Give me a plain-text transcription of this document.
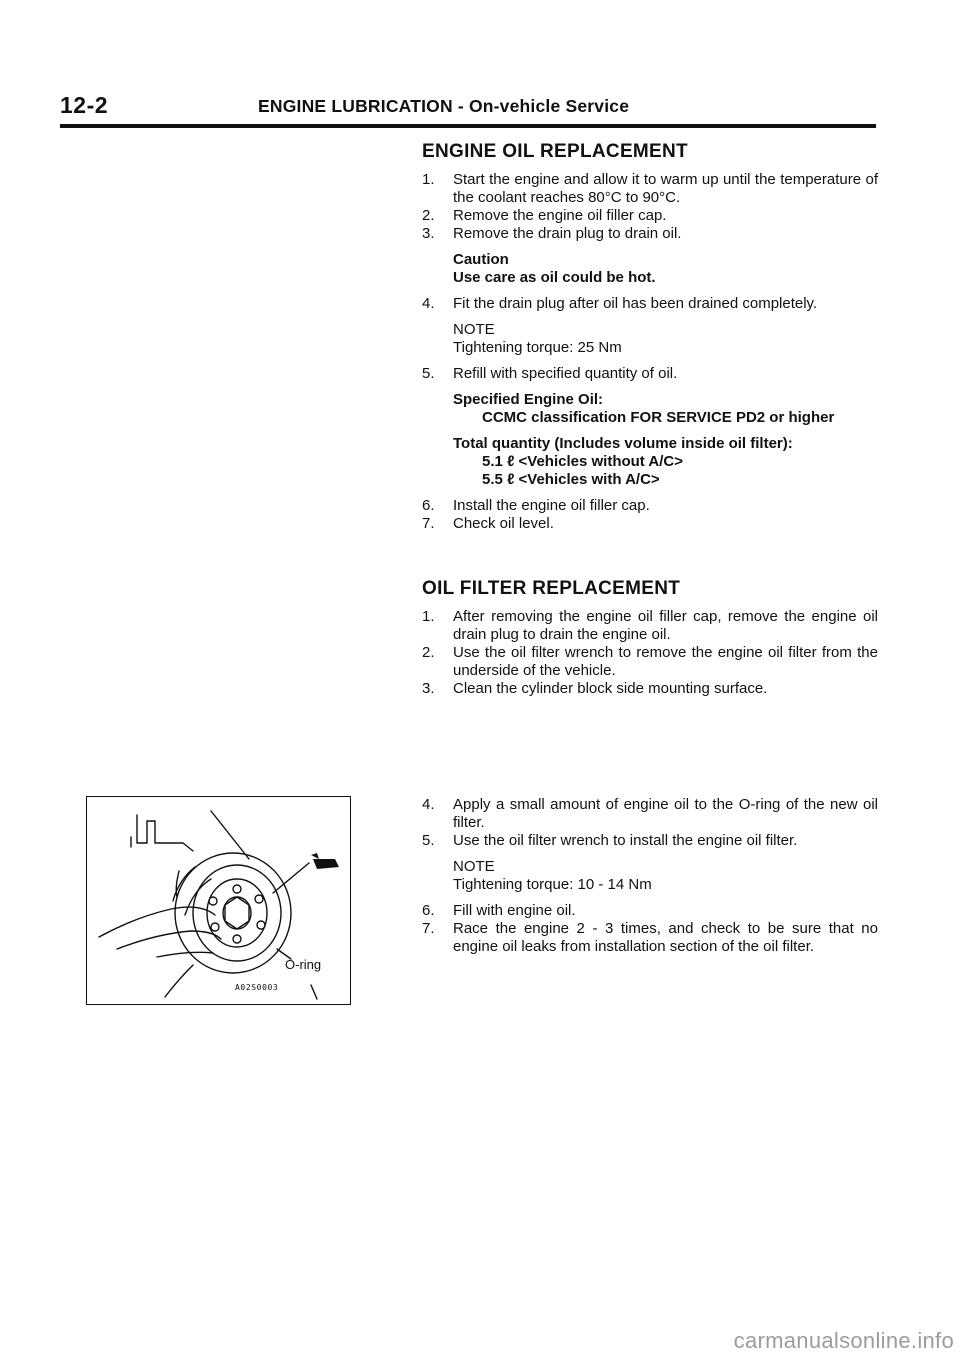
12-2	ENGINE LUBRICATION - On-vehicle Service
ENGINE OIL REPLACEMENT

1. Start the engine and allow it to warm up until the temperature of the coolant reaches 80°C to 90°C.

2. Remove the engine oil filler cap.

3. Remove the drain plug to drain oil.

Caution
Use care as oil could be hot.

4. Fit the drain plug after oil has been drained completely.

NOTE
Tightening torque: 25 Nm

5. Refill with specified quantity of oil.

Specified Engine Oil:
CCMC classification FOR SERVICE PD2 or higher
Total quantity (Includes volume inside oil filter):
5.1 ℓ <Vehicles without A/C>
5.5 ℓ <Vehicles with A/C>

6. Install the engine oil filler cap.

7. Check oil level.

OIL FILTER REPLACEMENT

1. After removing the engine oil filler cap, remove the engine oil drain plug to drain the engine oil.

2. Use the oil filter wrench to remove the engine oil filter from the underside of the vehicle.

3. Clean the cylinder block side mounting surface.

4. Apply a small amount of engine oil to the O-ring of the new oil filter.

5. Use the oil filter wrench to install the engine oil filter.

NOTE
Tightening torque: 10 - 14 Nm

6. Fill with engine oil.

7. Race the engine 2 - 3 times, and check to be sure that no engine oil leaks from installation section of the oil filter.

O-ring
A02S0003
carmanualsonline.info
